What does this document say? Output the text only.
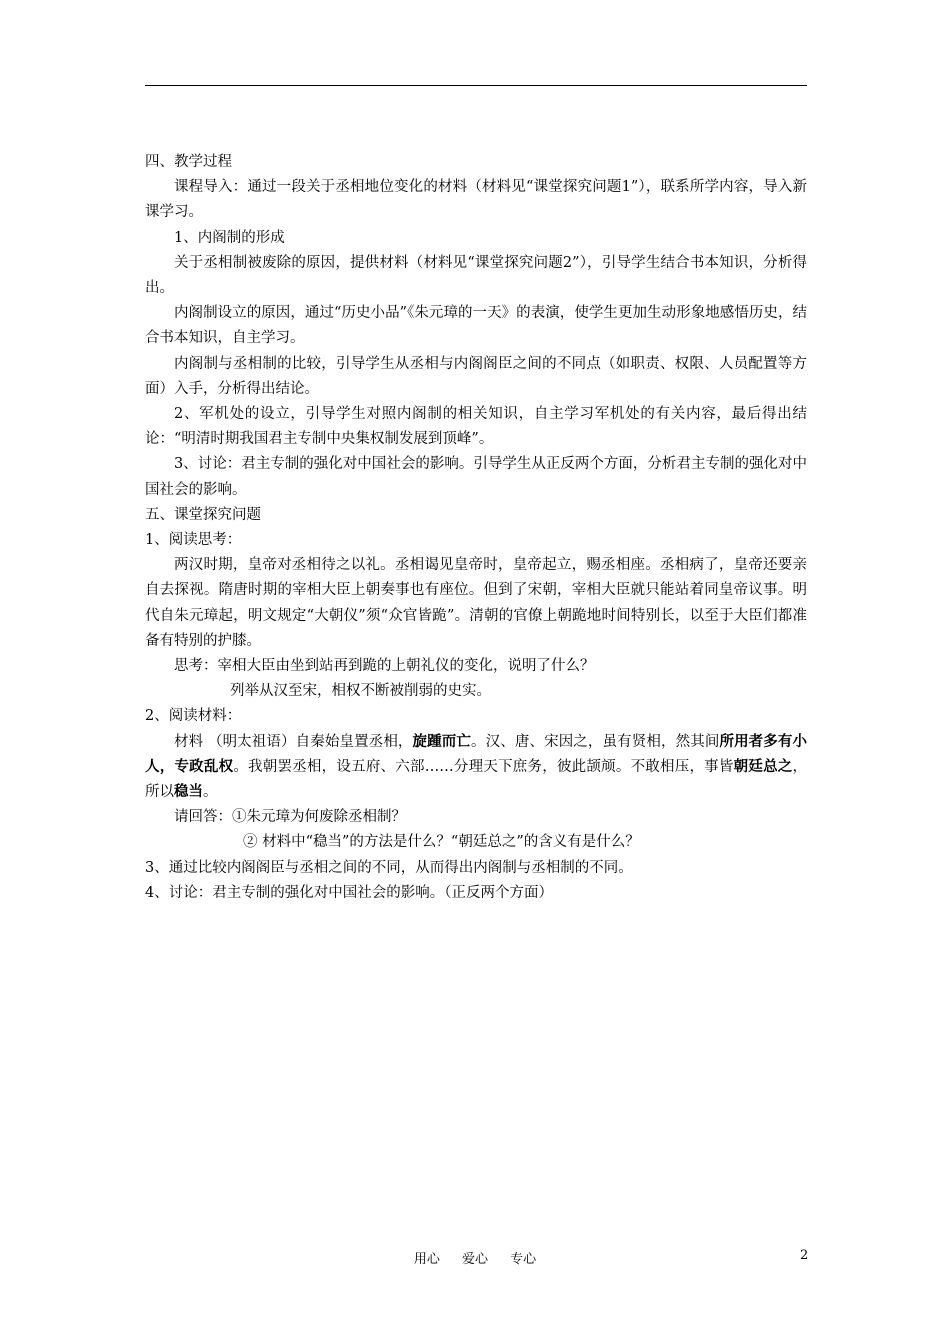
四、教学过程

课程导入：通过一段关于丞相地位变化的材料（材料见“课堂探究问题1”），联系所学内容，导入新课学习。

1、内阁制的形成

关于丞相制被废除的原因，提供材料（材料见“课堂探究问题2”），引导学生结合书本知识，分析得出。

内阁制设立的原因，通过“历史小品”《朱元璋的一天》的表演，使学生更加生动形象地感悟历史，结合书本知识，自主学习。

内阁制与丞相制的比较，引导学生从丞相与内阁阁臣之间的不同点（如职责、权限、人员配置等方面）入手，分析得出结论。

2、军机处的设立，引导学生对照内阁制的相关知识，自主学习军机处的有关内容，最后得出结论：“明清时期我国君主专制中央集权制发展到顶峰”。

3、讨论：君主专制的强化对中国社会的影响。引导学生从正反两个方面，分析君主专制的强化对中国社会的影响。

五、课堂探究问题

1、阅读思考：

两汉时期，皇帝对丞相待之以礼。丞相谒见皇帝时，皇帝起立，赐丞相座。丞相病了，皇帝还要亲自去探视。隋唐时期的宰相大臣上朝奏事也有座位。但到了宋朝，宰相大臣就只能站着同皇帝议事。明代自朱元璋起，明文规定“大朝仪”须“众官皆跪”。清朝的官僚上朝跪地时间特别长，以至于大臣们都准备有特别的护膝。

思考：宰相大臣由坐到站再到跪的上朝礼仪的变化，说明了什么？

列举从汉至宋，相权不断被削弱的史实。

2、阅读材料：

材料 （明太祖语）自秦始皇置丞相，旋踵而亡。汉、唐、宋因之，虽有贤相，然其间所用者多有小人，专政乱权。我朝罢丞相，设五府、六部……分理天下庶务，彼此颉颃。不敢相压，事皆朝廷总之，所以稳当。

请回答：①朱元璋为何废除丞相制？

② 材料中“稳当”的方法是什么？“朝廷总之”的含义有是什么？

3、通过比较内阁阁臣与丞相之间的不同，从而得出内阁制与丞相制的不同。

4、讨论：君主专制的强化对中国社会的影响。（正反两个方面）

用心 爱心 专心	2
